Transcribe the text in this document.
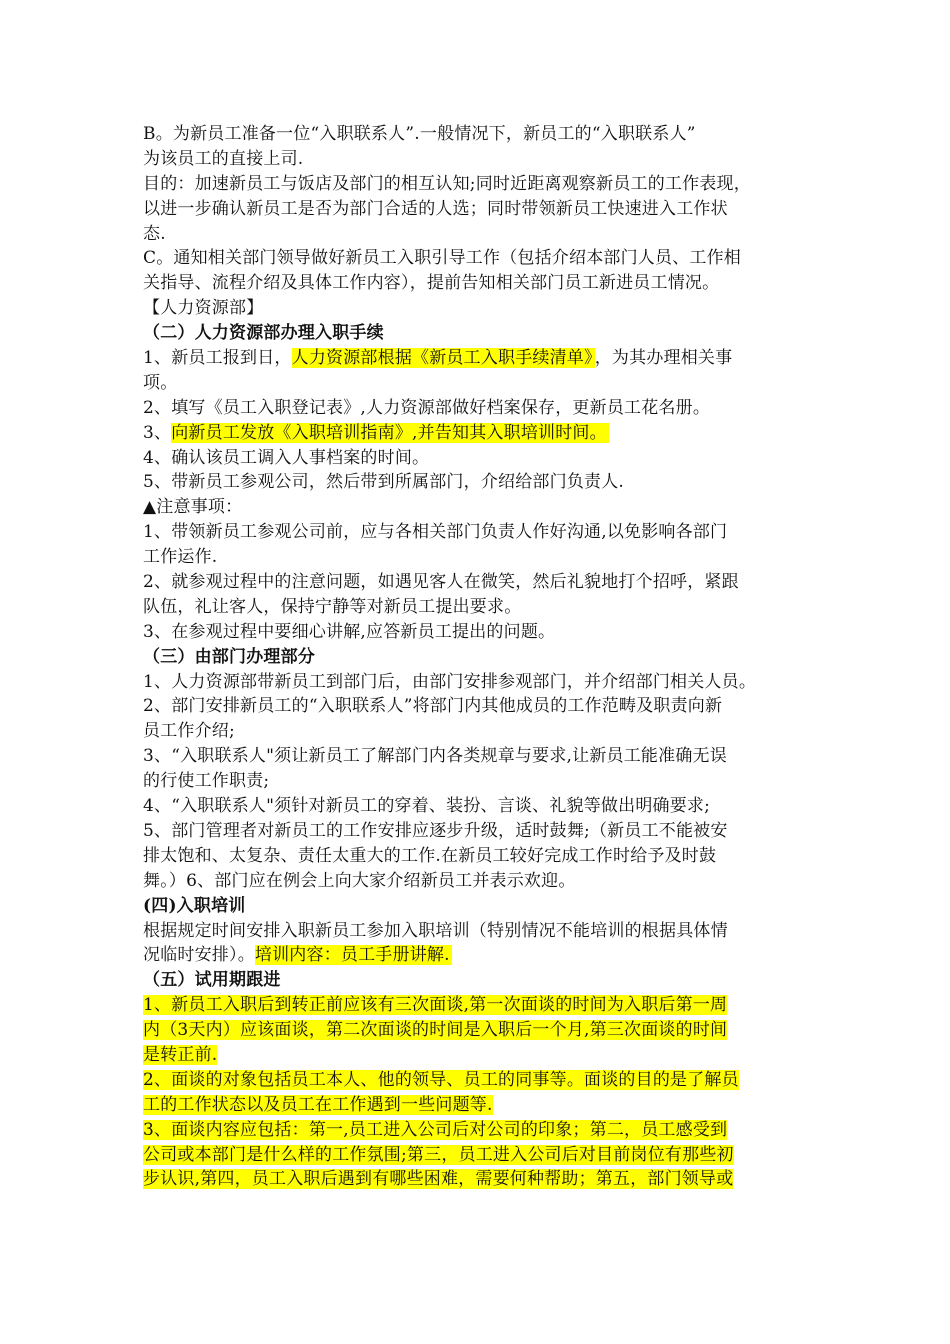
B。为新员工准备一位“入职联系人”.一般情况下，新员工的“入职联系人”
为该员工的直接上司.
目的：加速新员工与饭店及部门的相互认知;同时近距离观察新员工的工作表现，
以进一步确认新员工是否为部门合适的人选；同时带领新员工快速进入工作状
态.
C。通知相关部门领导做好新员工入职引导工作（包括介绍本部门人员、工作相
关指导、流程介绍及具体工作内容），提前告知相关部门员工新进员工情况。
【人力资源部】
（二）人力资源部办理入职手续
1、新员工报到日，人力资源部根据《新员工入职手续清单》 ，为其办理相关事
项。
2、填写《员工入职登记表》,人力资源部做好档案保存，更新员工花名册。
3、向新员工发放《入职培训指南》,并告知其入职培训时间。
4、确认该员工调入人事档案的时间。
5、带新员工参观公司，然后带到所属部门，介绍给部门负责人.
▲注意事项：
1、带领新员工参观公司前，应与各相关部门负责人作好沟通,以免影响各部门
工作运作.
2、就参观过程中的注意问题，如遇见客人在微笑，然后礼貌地打个招呼，紧跟
队伍，礼让客人，保持宁静等对新员工提出要求。
3、在参观过程中要细心讲解,应答新员工提出的问题。
（三）由部门办理部分
1、人力资源部带新员工到部门后，由部门安排参观部门，并介绍部门相关人员。
2、部门安排新员工的“入职联系人”将部门内其他成员的工作范畴及职责向新
员工作介绍;
3、“入职联系人"须让新员工了解部门内各类规章与要求,让新员工能准确无误
的行使工作职责;
4、“入职联系人"须针对新员工的穿着、装扮、言谈、礼貌等做出明确要求;
5、部门管理者对新员工的工作安排应逐步升级，适时鼓舞;（新员工不能被安
排太饱和、太复杂、责任太重大的工作.在新员工较好完成工作时给予及时鼓
舞。）6、部门应在例会上向大家介绍新员工并表示欢迎。
(四)入职培训
根据规定时间安排入职新员工参加入职培训（特别情况不能培训的根据具体情
况临时安排）。培训内容：员工手册讲解.
（五）试用期跟进
1、新员工入职后到转正前应该有三次面谈,第一次面谈的时间为入职后第一周
内（3天内）应该面谈，第二次面谈的时间是入职后一个月,第三次面谈的时间
是转正前.
2、面谈的对象包括员工本人、他的领导、员工的同事等。面谈的目的是了解员
工的工作状态以及员工在工作遇到一些问题等.
3、面谈内容应包括：第一,员工进入公司后对公司的印象；第二，员工感受到
公司或本部门是什么样的工作氛围;第三，员工进入公司后对目前岗位有那些初
步认识,第四，员工入职后遇到有哪些困难，需要何种帮助；第五，部门领导或
